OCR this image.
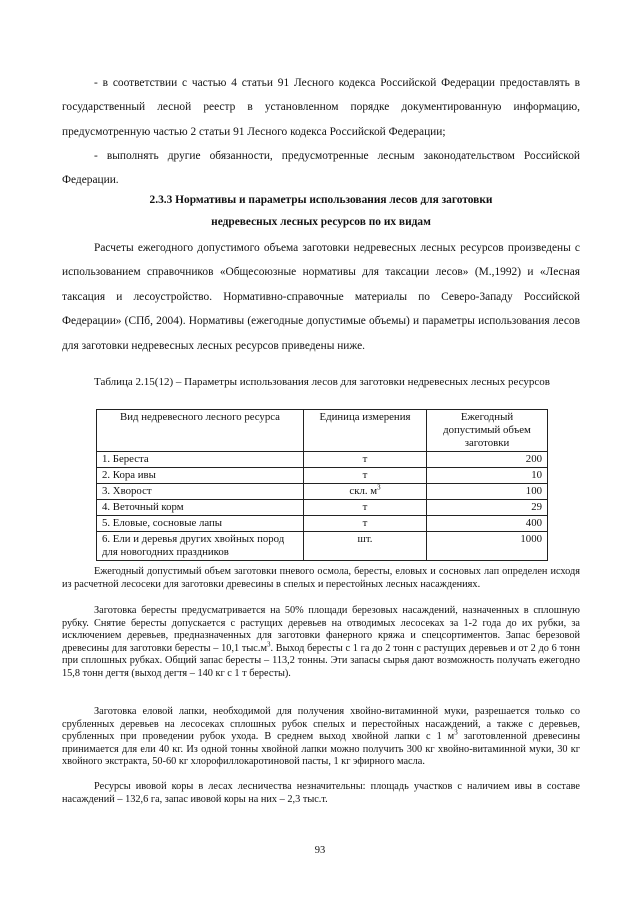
- в соответствии с частью 4 статьи 91 Лесного кодекса Российской Федерации предоставлять в государственный лесной реестр в установленном порядке документированную информацию, предусмотренную частью 2 статьи 91 Лесного кодекса Российской Федерации;

- выполнять другие обязанности, предусмотренные лесным законодательством Российской Федерации.

2.3.3 Нормативы и параметры использования лесов для заготовки

недревесных лесных ресурсов по их видам

Расчеты ежегодного допустимого объема заготовки недревесных лесных ресурсов произведены с использованием справочников «Общесоюзные нормативы для таксации лесов» (М.,1992) и «Лесная таксация и лесоустройство. Нормативно-справочные материалы по Северо-Западу Российской Федерации» (СПб, 2004). Нормативы (ежегодные допустимые объемы) и параметры использования лесов для заготовки недревесных лесных ресурсов приведены ниже.

Таблица 2.15(12) – Параметры использования лесов для заготовки недревесных лесных ресурсов

Вид недревесного лесного ресурса	Единица измерения	Ежегодный допустимый объем заготовки
1. Береста	т	200
2. Кора ивы	т	10
3. Хворост	скл. $м^3$	100
4. Веточный корм	т	29
5. Еловые, сосновые лапы	т	400
6. Ели и деревья других хвойных пород для новогодних праздников	шт.	1000

Ежегодный допустимый объем заготовки пневого осмола, бересты, еловых и сосновых лап определен исходя из расчетной лесосеки для заготовки древесины в спелых и перестойных лесных насаждениях.

Заготовка бересты предусматривается на 50% площади березовых насаждений, назначенных в сплошную рубку. Снятие бересты допускается с растущих деревьев на отводимых лесосеках за 1-2 года до их рубки, за исключением деревьев, предназначенных для заготовки фанерного кряжа и спецсортиментов. Запас березовой древесины для заготовки бересты – 10,1 $тыс.м^3$. Выход бересты с 1 га до 2 тонн с растущих деревьев и от 2 до 6 тонн при сплошных рубках. Общий запас бересты – 113,2 тонны. Эти запасы сырья дают возможность получать ежегодно 15,8 тонн дегтя (выход дегтя – 140 кг с 1 т бересты).

Заготовка еловой лапки, необходимой для получения хвойно-витаминной муки, разрешается только со срубленных деревьев на лесосеках сплошных рубок спелых и перестойных насаждений, а также с деревьев, срубленных при проведении рубок ухода. В среднем выход хвойной лапки с 1 $м^3$ заготовленной древесины принимается для ели 40 кг. Из одной тонны хвойной лапки можно получить 300 кг хвойно-витаминной муки, 30 кг хвойного экстракта, 50-60 кг хлорофиллокаротиновой пасты, 1 кг эфирного масла.

Ресурсы ивовой коры в лесах лесничества незначительны: площадь участков с наличием ивы в составе насаждений – 132,6 га, запас ивовой коры на них – 2,3 тыс.т.

93
